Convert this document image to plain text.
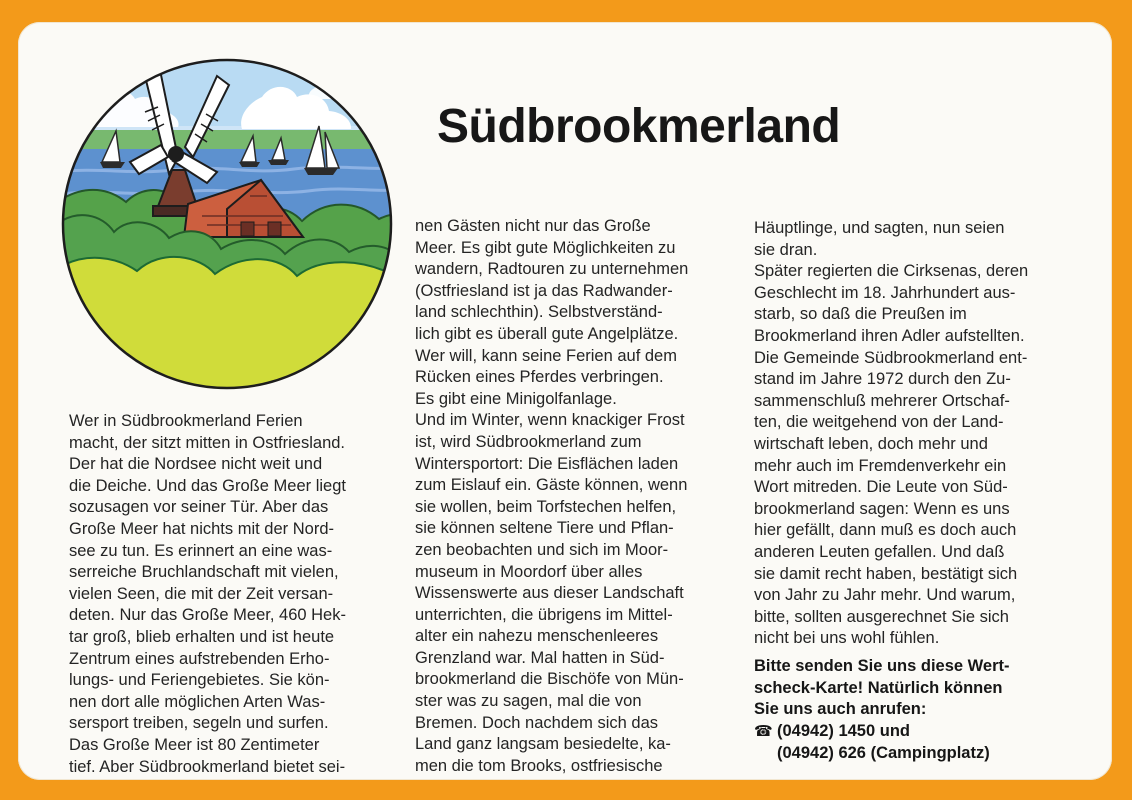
Südbrookmerland
Wer in Südbrookmerland Ferien
macht, der sitzt mitten in Ostfriesland.
Der hat die Nordsee nicht weit und
die Deiche. Und das Große Meer liegt
sozusagen vor seiner Tür. Aber das
Große Meer hat nichts mit der Nord-
see zu tun. Es erinnert an eine was-
serreiche Bruchlandschaft mit vielen,
vielen Seen, die mit der Zeit versan-
deten. Nur das Große Meer, 460 Hek-
tar groß, blieb erhalten und ist heute
Zentrum eines aufstrebenden Erho-
lungs- und Feriengebietes. Sie kön-
nen dort alle möglichen Arten Was-
sersport treiben, segeln und surfen.
Das Große Meer ist 80 Zentimeter
tief. Aber Südbrookmerland bietet sei-
nen Gästen nicht nur das Große
Meer. Es gibt gute Möglichkeiten zu
wandern, Radtouren zu unternehmen
(Ostfriesland ist ja das Radwander-
land schlechthin). Selbstverständ-
lich gibt es überall gute Angelplätze.
Wer will, kann seine Ferien auf dem
Rücken eines Pferdes verbringen.
Es gibt eine Minigolfanlage.
Und im Winter, wenn knackiger Frost
ist, wird Südbrookmerland zum
Wintersportort: Die Eisflächen laden
zum Eislauf ein. Gäste können, wenn
sie wollen, beim Torfstechen helfen,
sie können seltene Tiere und Pflan-
zen beobachten und sich im Moor-
museum in Moordorf über alles
Wissenswerte aus dieser Landschaft
unterrichten, die übrigens im Mittel-
alter ein nahezu menschenleeres
Grenzland war. Mal hatten in Süd-
brookmerland die Bischöfe von Mün-
ster was zu sagen, mal die von
Bremen. Doch nachdem sich das
Land ganz langsam besiedelte, ka-
men die tom Brooks, ostfriesische
Häuptlinge, und sagten, nun seien
sie dran.
Später regierten die Cirksenas, deren
Geschlecht im 18. Jahrhundert aus-
starb, so daß die Preußen im
Brookmerland ihren Adler aufstellten.
Die Gemeinde Südbrookmerland ent-
stand im Jahre 1972 durch den Zu-
sammenschluß mehrerer Ortschaf-
ten, die weitgehend von der Land-
wirtschaft leben, doch mehr und
mehr auch im Fremdenverkehr ein
Wort mitreden. Die Leute von Süd-
brookmerland sagen: Wenn es uns
hier gefällt, dann muß es doch auch
anderen Leuten gefallen. Und daß
sie damit recht haben, bestätigt sich
von Jahr zu Jahr mehr. Und warum,
bitte, sollten ausgerechnet Sie sich
nicht bei uns wohl fühlen.
Bitte senden Sie uns diese Wert-
scheck-Karte! Natürlich können
Sie uns auch anrufen:
☎ (04942) 1450 und
(04942) 626 (Campingplatz)
